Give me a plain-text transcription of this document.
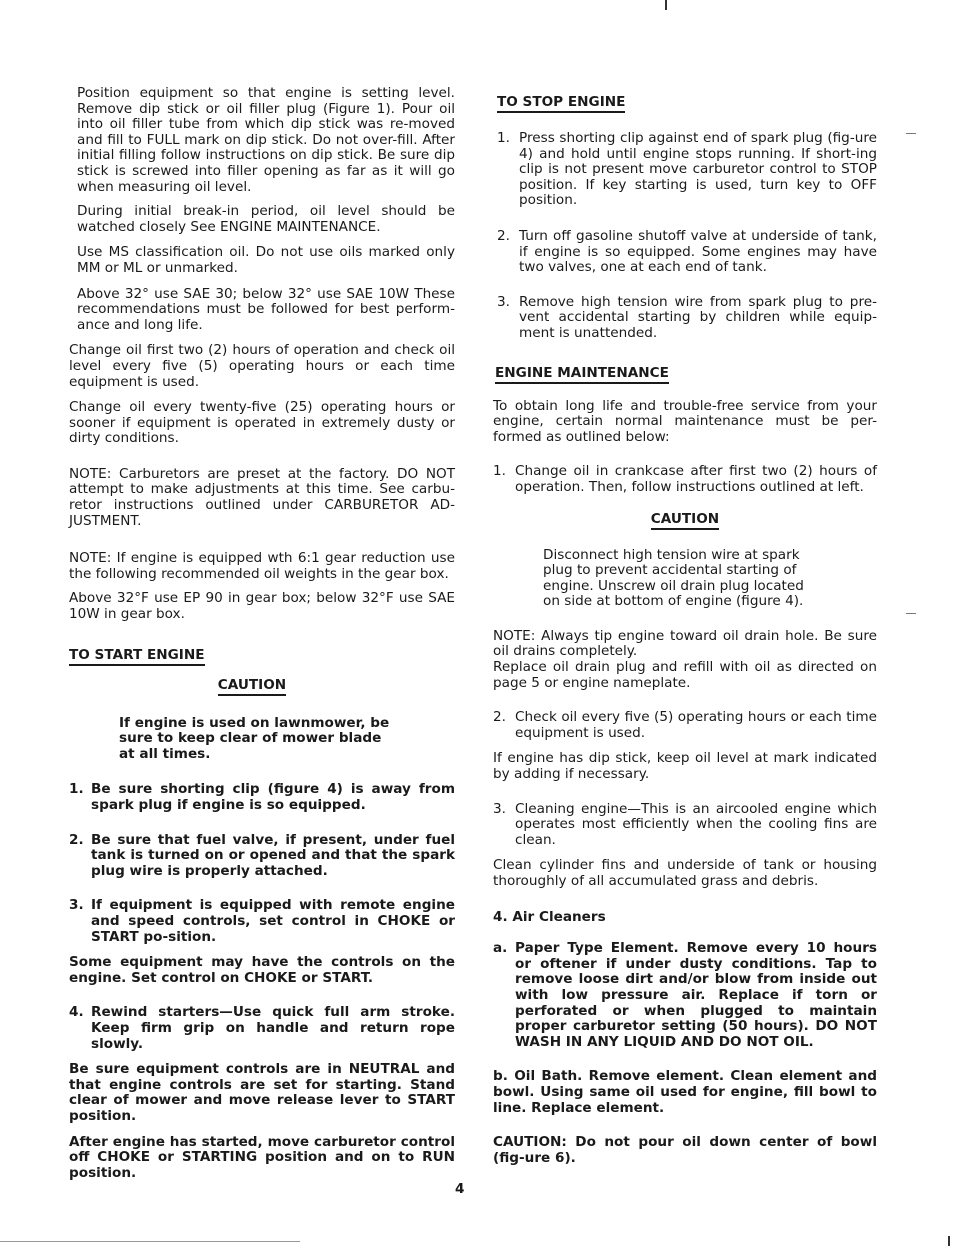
Position equipment so that engine is setting level. Remove dip stick or oil filler plug (Figure 1). Pour oil into oil filler tube from which dip stick was re-moved and fill to FULL mark on dip stick. Do not over-fill. After initial filling follow instructions on dip stick. Be sure dip stick is screwed into filler opening as far as it will go when measuring oil level.

During initial break-in period, oil level should be watched closely See ENGINE MAINTENANCE.

Use MS classification oil. Do not use oils marked only MM or ML or unmarked.

Above 32° use SAE 30; below 32° use SAE 10W These recommendations must be followed for best perform-ance and long life.

Change oil first two (2) hours of operation and check oil level every five (5) operating hours or each time equipment is used.

Change oil every twenty-five (25) operating hours or sooner if equipment is operated in extremely dusty or dirty conditions.

NOTE: Carburetors are preset at the factory. DO NOT attempt to make adjustments at this time. See carbu-retor instructions outlined under CARBURETOR AD-JUSTMENT.

NOTE: If engine is equipped wth 6:1 gear reduction use the following recommended oil weights in the gear box.

Above 32°F use EP 90 in gear box; below 32°F use SAE 10W in gear box.

TO START ENGINE
CAUTION

If engine is used on lawnmower, be sure to keep clear of mower blade at all times.

1. Be sure shorting clip (figure 4) is away from spark plug if engine is so equipped.
2. Be sure that fuel valve, if present, under fuel tank is turned on or opened and that the spark plug wire is properly attached.
3. If equipment is equipped with remote engine and speed controls, set control in CHOKE or START po-sition.

Some equipment may have the controls on the engine. Set control on CHOKE or START.

4. Rewind starters—Use quick full arm stroke. Keep firm grip on handle and return rope slowly.

Be sure equipment controls are in NEUTRAL and that engine controls are set for starting. Stand clear of mower and move release lever to START position.

After engine has started, move carburetor control off CHOKE or STARTING position and on to RUN position.

TO STOP ENGINE
1. Press shorting clip against end of spark plug (fig-ure 4) and hold until engine stops running. If short-ing clip is not present move carburetor control to STOP position. If key starting is used, turn key to OFF position.
2. Turn off gasoline shutoff valve at underside of tank, if engine is so equipped. Some engines may have two valves, one at each end of tank.
3. Remove high tension wire from spark plug to pre-vent accidental starting by children while equip-ment is unattended.
ENGINE MAINTENANCE

To obtain long life and trouble-free service from your engine, certain normal maintenance must be per-formed as outlined below:

1. Change oil in crankcase after first two (2) hours of operation. Then, follow instructions outlined at left.
CAUTION

Disconnect high tension wire at spark plug to prevent accidental starting of engine. Unscrew oil drain plug located on side at bottom of engine (figure 4).

NOTE: Always tip engine toward oil drain hole. Be sure oil drains completely.

Replace oil drain plug and refill with oil as directed on page 5 or engine nameplate.

2. Check oil every five (5) operating hours or each time equipment is used.

If engine has dip stick, keep oil level at mark indicated by adding if necessary.

3. Cleaning engine—This is an aircooled engine which operates most efficiently when the cooling fins are clean.

Clean cylinder fins and underside of tank or housing thoroughly of all accumulated grass and debris.

4. Air Cleaners

a. Paper Type Element. Remove every 10 hours or oftener if under dusty conditions. Tap to remove loose dirt and/or blow from inside out with low pressure air. Replace if torn or perforated or when plugged to maintain proper carburetor setting (50 hours). DO NOT WASH IN ANY LIQUID AND DO NOT OIL.

b. Oil Bath. Remove element. Clean element and bowl. Using same oil used for engine, fill bowl to line. Replace element.

CAUTION: Do not pour oil down center of bowl (fig-ure 6).

4
